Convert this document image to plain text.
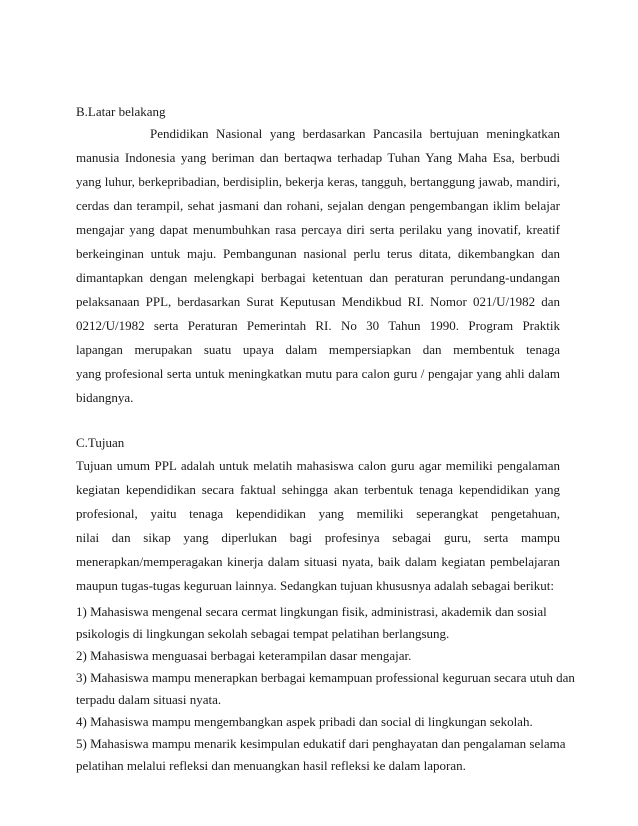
B.Latar belakang
Pendidikan Nasional yang berdasarkan Pancasila bertujuan meningkatkan
manusia Indonesia yang beriman dan bertaqwa terhadap Tuhan Yang Maha Esa, berbudi
yang luhur, berkepribadian, berdisiplin, bekerja keras, tangguh, bertanggung jawab, mandiri,
cerdas dan terampil, sehat jasmani dan rohani, sejalan dengan pengembangan iklim belajar
mengajar yang dapat menumbuhkan rasa percaya diri serta perilaku yang inovatif, kreatif
berkeinginan untuk maju. Pembangunan nasional perlu terus ditata, dikembangkan dan
dimantapkan dengan melengkapi berbagai ketentuan dan peraturan perundang-undangan
pelaksanaan PPL, berdasarkan Surat Keputusan Mendikbud RI. Nomor 021/U/1982 dan
0212/U/1982 serta Peraturan Pemerintah RI. No 30 Tahun 1990. Program Praktik
lapangan merupakan suatu upaya dalam mempersiapkan dan membentuk tenaga
yang profesional serta untuk meningkatkan mutu para calon guru / pengajar yang ahli dalam
bidangnya.
C.Tujuan
Tujuan umum PPL adalah untuk melatih mahasiswa calon guru agar memiliki pengalaman
kegiatan kependidikan secara faktual sehingga akan terbentuk tenaga kependidikan yang
profesional, yaitu tenaga kependidikan yang memiliki seperangkat pengetahuan,
nilai dan sikap yang diperlukan bagi profesinya sebagai guru, serta mampu
menerapkan/memperagakan kinerja dalam situasi nyata, baik dalam kegiatan pembelajaran
maupun tugas-tugas keguruan lainnya. Sedangkan tujuan khususnya adalah sebagai berikut:
1) Mahasiswa mengenal secara cermat lingkungan fisik, administrasi, akademik dan sosial
psikologis di lingkungan sekolah sebagai tempat pelatihan berlangsung.
2) Mahasiswa menguasai berbagai keterampilan dasar mengajar.
3) Mahasiswa mampu menerapkan berbagai kemampuan professional keguruan secara utuh dan
terpadu dalam situasi nyata.
4) Mahasiswa mampu mengembangkan aspek pribadi dan social di lingkungan sekolah.
5) Mahasiswa mampu menarik kesimpulan edukatif dari penghayatan dan pengalaman selama
pelatihan melalui refleksi dan menuangkan hasil refleksi ke dalam laporan.
